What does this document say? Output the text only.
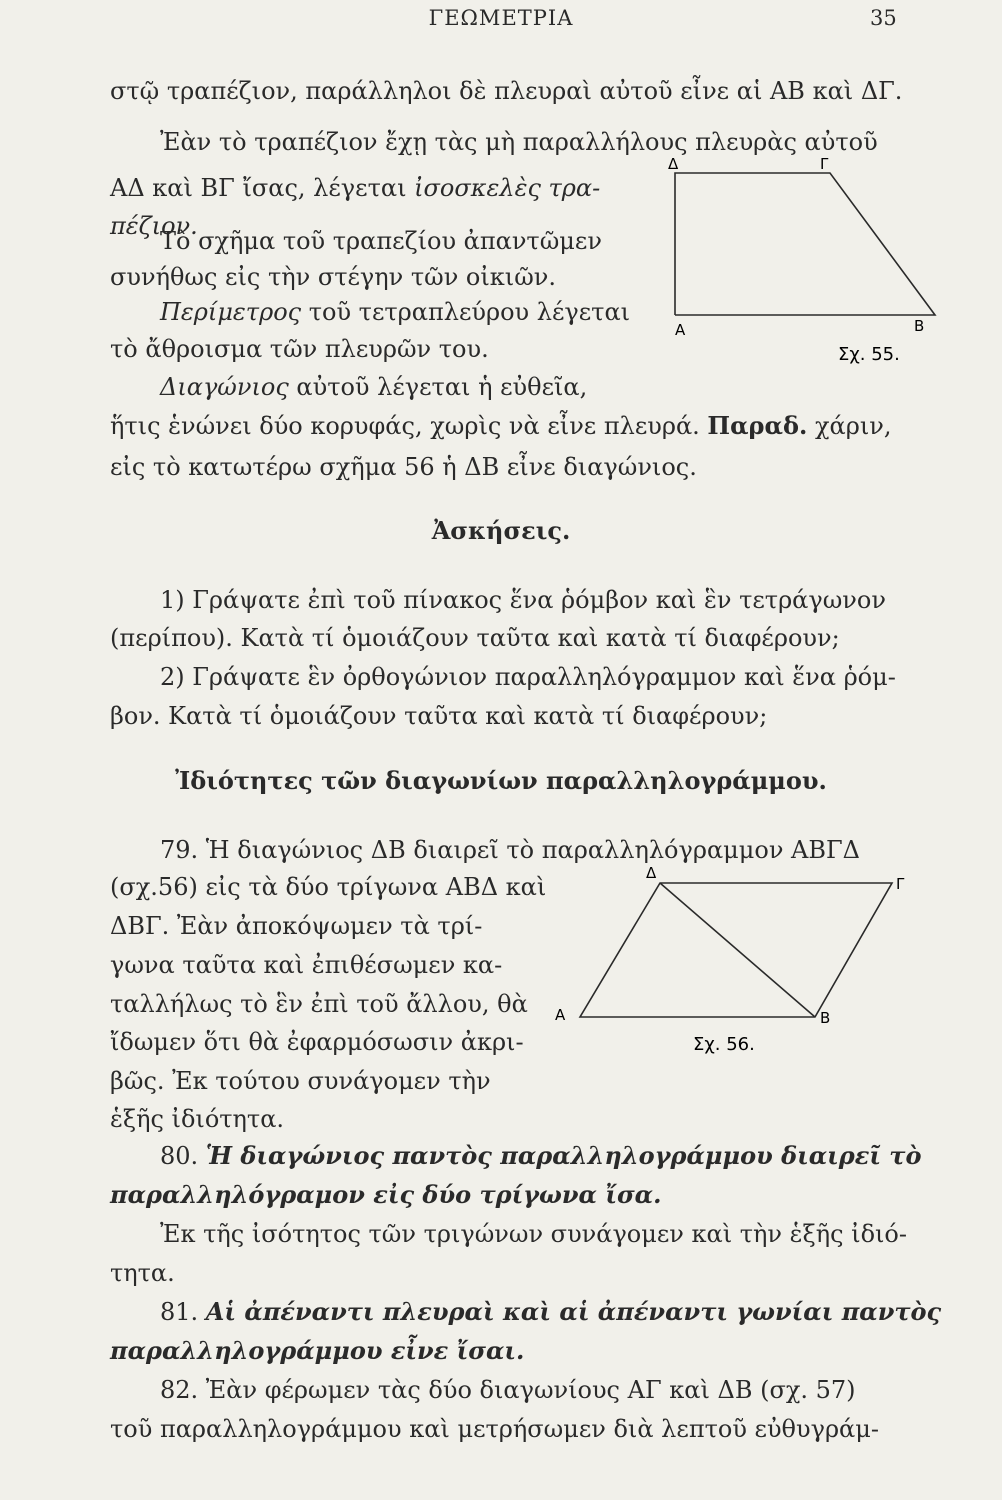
ΓΕΩΜΕΤΡΙΑ	35
στῷ τραπέζιον, παράλληλοι δὲ πλευραὶ αὐτοῦ εἶνε αἱ ΑΒ καὶ ΔΓ.
Ἐὰν τὸ τραπέζιον ἔχῃ τὰς μὴ παραλλήλους πλευρὰς αὐτοῦ
ΑΔ καὶ ΒΓ ἴσας, λέγεται ἰσοσκελὲς τρα-
πέζιον.
Τὸ σχῆμα τοῦ τραπεζίου ἀπαντῶμεν
συνήθως εἰς τὴν στέγην τῶν οἰκιῶν.
Περίμετρος τοῦ τετραπλεύρου λέγεται
τὸ ἄθροισμα τῶν πλευρῶν του.
Διαγώνιος αὐτοῦ λέγεται ἡ εὐθεῖα,
ἥτις ἑνώνει δύο κορυφάς, χωρὶς νὰ εἶνε πλευρά. Παραδ. χάριν,
εἰς τὸ κατωτέρω σχῆμα 56 ἡ ΔΒ εἶνε διαγώνιος.
Ἀσκήσεις.
1) Γράψατε ἐπὶ τοῦ πίνακος ἕνα ῥόμβον καὶ ἓν τετράγωνον
(περίπου). Κατὰ τί ὁμοιάζουν ταῦτα καὶ κατὰ τί διαφέρουν;
2) Γράψατε ἓν ὀρθογώνιον παραλληλόγραμμον καὶ ἕνα ῥόμ-
βον. Κατὰ τί ὁμοιάζουν ταῦτα καὶ κατὰ τί διαφέρουν;
Ἰδιότητες τῶν διαγωνίων παραλληλογράμμου.
79. Ἡ διαγώνιος ΔΒ διαιρεῖ τὸ παραλληλόγραμμον ΑΒΓΔ
(σχ.56) εἰς τὰ δύο τρίγωνα ΑΒΔ καὶ
ΔΒΓ. Ἐὰν ἀποκόψωμεν τὰ τρί-
γωνα ταῦτα καὶ ἐπιθέσωμεν κα-
ταλλήλως τὸ ἓν ἐπὶ τοῦ ἄλλου, θὰ
ἴδωμεν ὅτι θὰ ἐφαρμόσωσιν ἀκρι-
βῶς. Ἐκ τούτου συνάγομεν τὴν
ἑξῆς ἰδιότητα.
80. Ἡ διαγώνιος παντὸς παραλληλογράμμου διαιρεῖ τὸ
παραλληλόγραμον εἰς δύο τρίγωνα ἴσα.
Ἐκ τῆς ἰσότητος τῶν τριγώνων συνάγομεν καὶ τὴν ἑξῆς ἰδιό-
τητα.
81. Αἱ ἀπέναντι πλευραὶ καὶ αἱ ἀπέναντι γωνίαι παντὸς
παραλληλογράμμου εἶνε ἴσαι.
82. Ἐὰν φέρωμεν τὰς δύο διαγωνίους ΑΓ καὶ ΔΒ (σχ. 57)
τοῦ παραλληλογράμμου καὶ μετρήσωμεν διὰ λεπτοῦ εὐθυγράμ-
Α	Β
Γ
Δ
Σχ. 55.
Α	Β
Γ
Δ
Σχ. 56.
